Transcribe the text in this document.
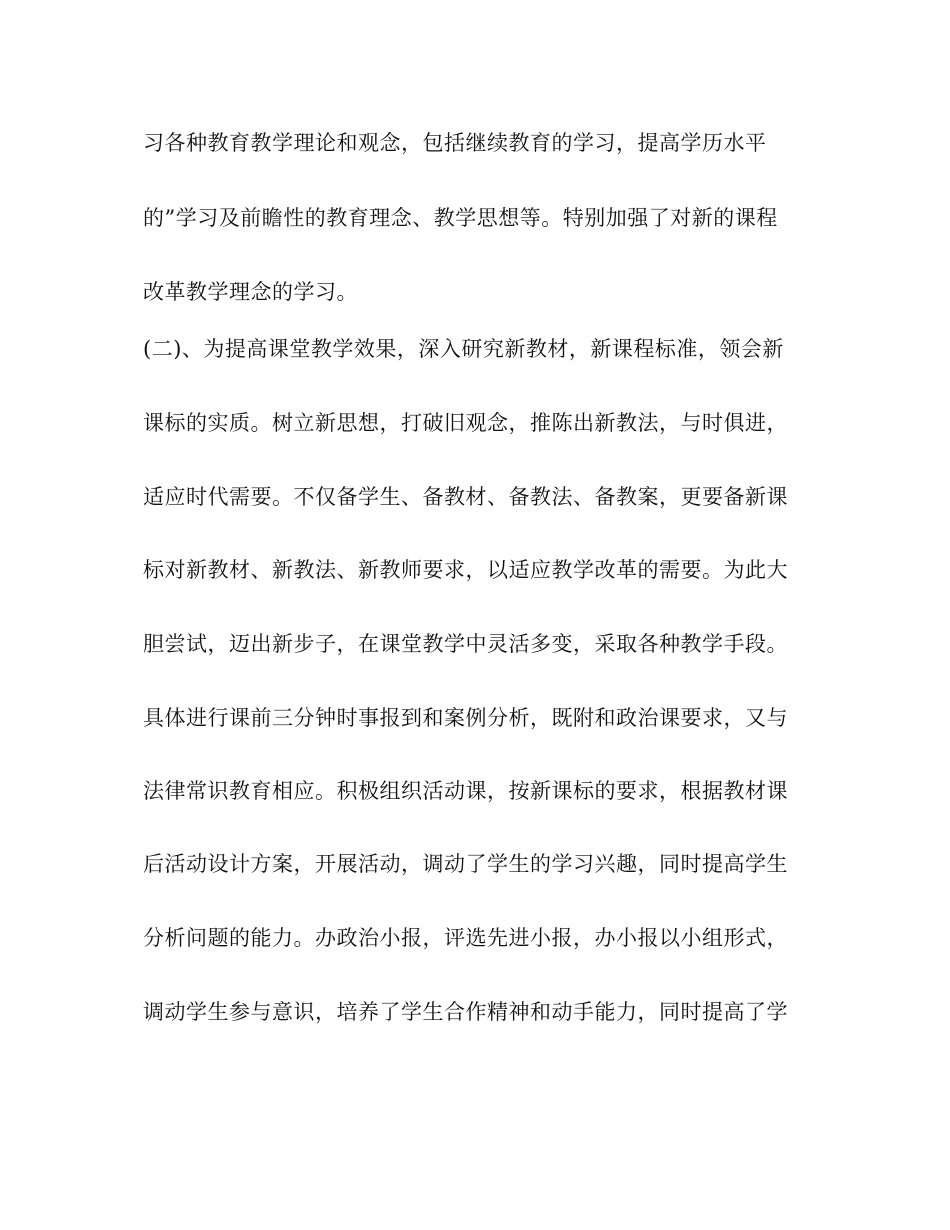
习各种教育教学理论和观念，包括继续教育的学习，提高学历水平
的”学习及前瞻性的教育理念、教学思想等。特别加强了对新的课程
改革教学理念的学习。
(二)、为提高课堂教学效果，深入研究新教材，新课程标准，领会新
课标的实质。树立新思想，打破旧观念，推陈出新教法，与时俱进，
适应时代需要。不仅备学生、备教材、备教法、备教案，更要备新课
标对新教材、新教法、新教师要求，以适应教学改革的需要。为此大
胆尝试，迈出新步子，在课堂教学中灵活多变，采取各种教学手段。
具体进行课前三分钟时事报到和案例分析，既附和政治课要求，又与
法律常识教育相应。积极组织活动课，按新课标的要求，根据教材课
后活动设计方案，开展活动，调动了学生的学习兴趣，同时提高学生
分析问题的能力。办政治小报，评选先进小报，办小报以小组形式，
调动学生参与意识，培养了学生合作精神和动手能力，同时提高了学
